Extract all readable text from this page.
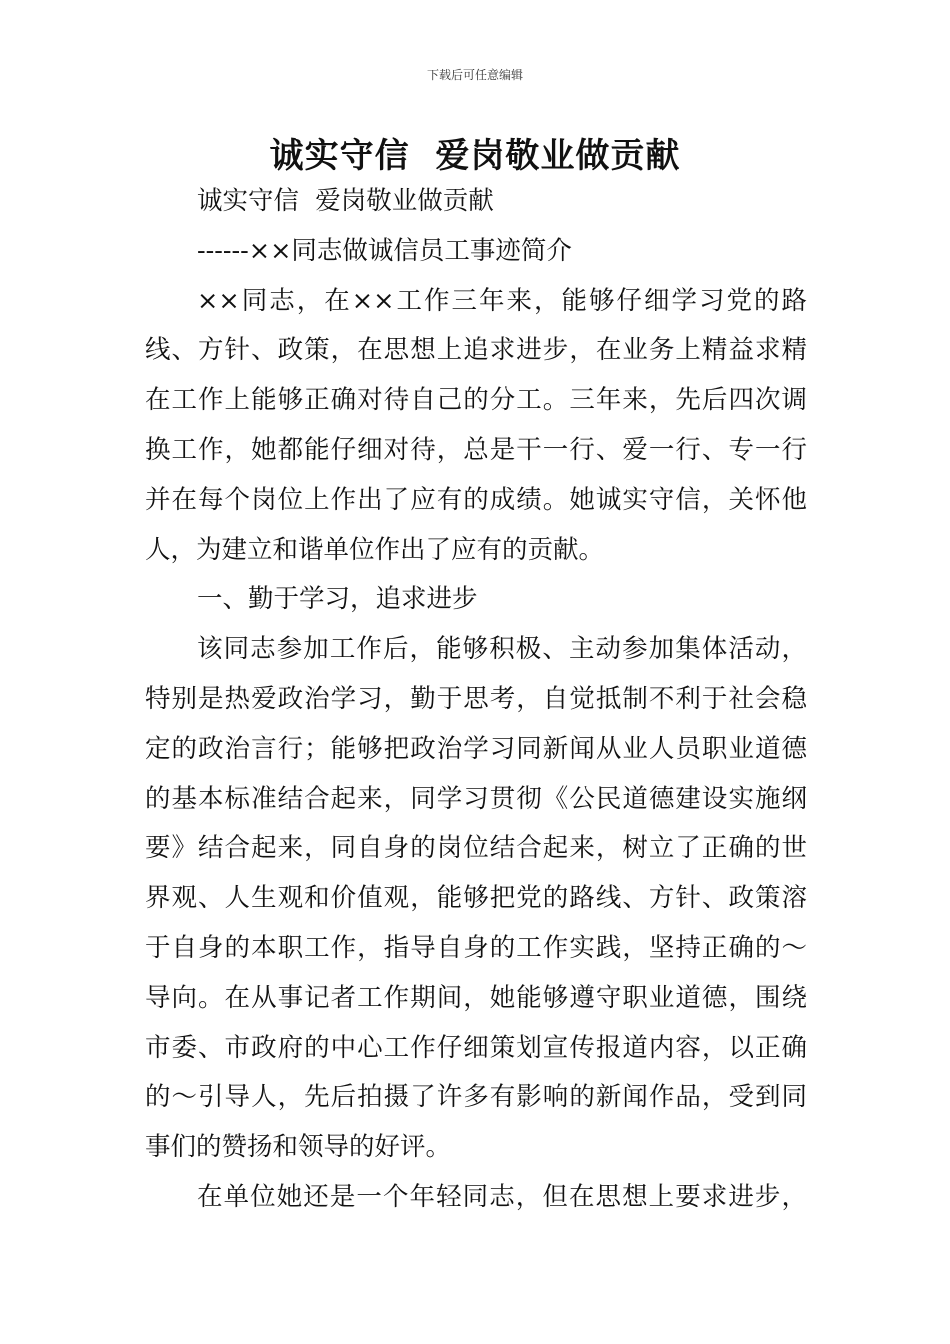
下载后可任意编辑
诚实守信  爱岗敬业做贡献
诚实守信  爱岗敬业做贡献
------××同志做诚信员工事迹简介
××同志，在××工作三年来，能够仔细学习党的路
线、方针、政策，在思想上追求进步，在业务上精益求精
在工作上能够正确对待自己的分工。三年来，先后四次调
换工作，她都能仔细对待，总是干一行、爱一行、专一行
并在每个岗位上作出了应有的成绩。她诚实守信，关怀他
人，为建立和谐单位作出了应有的贡献。
一、勤于学习，追求进步
该同志参加工作后，能够积极、主动参加集体活动，
特别是热爱政治学习，勤于思考，自觉抵制不利于社会稳
定的政治言行；能够把政治学习同新闻从业人员职业道德
的基本标准结合起来，同学习贯彻《公民道德建设实施纲
要》结合起来，同自身的岗位结合起来，树立了正确的世
界观、人生观和价值观，能够把党的路线、方针、政策溶
于自身的本职工作，指导自身的工作实践，坚持正确的～
导向。在从事记者工作期间，她能够遵守职业道德，围绕
市委、市政府的中心工作仔细策划宣传报道内容，以正确
的～引导人，先后拍摄了许多有影响的新闻作品，受到同
事们的赞扬和领导的好评。
在单位她还是一个年轻同志，但在思想上要求进步，
